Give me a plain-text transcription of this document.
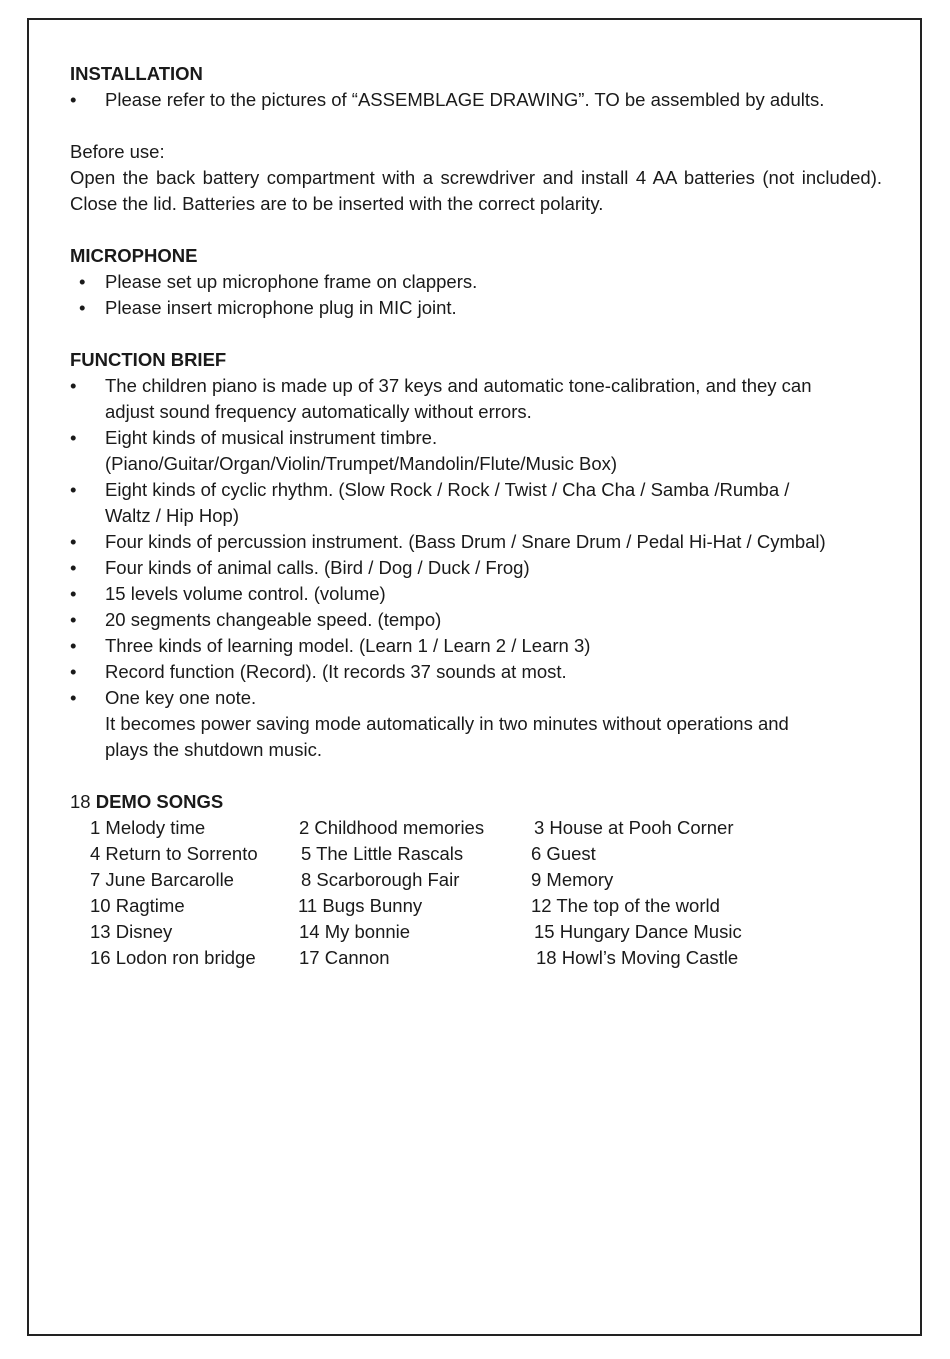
INSTALLATION

• Please refer to the pictures of “ASSEMBLAGE DRAWING”. TO be assembled by adults.

Before use:

Open the back battery compartment with a screwdriver and install 4 AA batteries (not included). Close the lid. Batteries are to be inserted with the correct polarity.

MICROPHONE

• Please set up microphone frame on clappers.
• Please insert microphone plug in MIC joint.

FUNCTION BRIEF

• The children piano is made up of 37 keys and automatic tone-calibration, and they can
adjust sound frequency automatically without errors.
• Eight kinds of musical instrument timbre.
(Piano/Guitar/Organ/Violin/Trumpet/Mandolin/Flute/Music Box)
• Eight kinds of cyclic rhythm. (Slow Rock / Rock / Twist / Cha Cha / Samba /Rumba /
Waltz / Hip Hop)
• Four kinds of percussion instrument. (Bass Drum / Snare Drum / Pedal Hi-Hat / Cymbal)
• Four kinds of animal calls. (Bird / Dog / Duck / Frog)
• 15 levels volume control. (volume)
• 20 segments changeable speed. (tempo)
• Three kinds of learning model. (Learn 1 / Learn 2 / Learn 3)
• Record function (Record). (It records 37 sounds at most.
• One key one note.
It becomes power saving mode automatically in two minutes without operations and
plays the shutdown music.

18 DEMO SONGS

1 Melody time	2 Childhood memories	3 House at Pooh Corner
4 Return to Sorrento 5 The Little Rascals	6 Guest
7 June Barcarolle	8 Scarborough Fair	9 Memory
10 Ragtime	11 Bugs Bunny	12 The top of the world
13 Disney	14 My bonnie	15 Hungary Dance Music
16 Lodon ron bridge 17 Cannon	18 Howl’s Moving Castle
